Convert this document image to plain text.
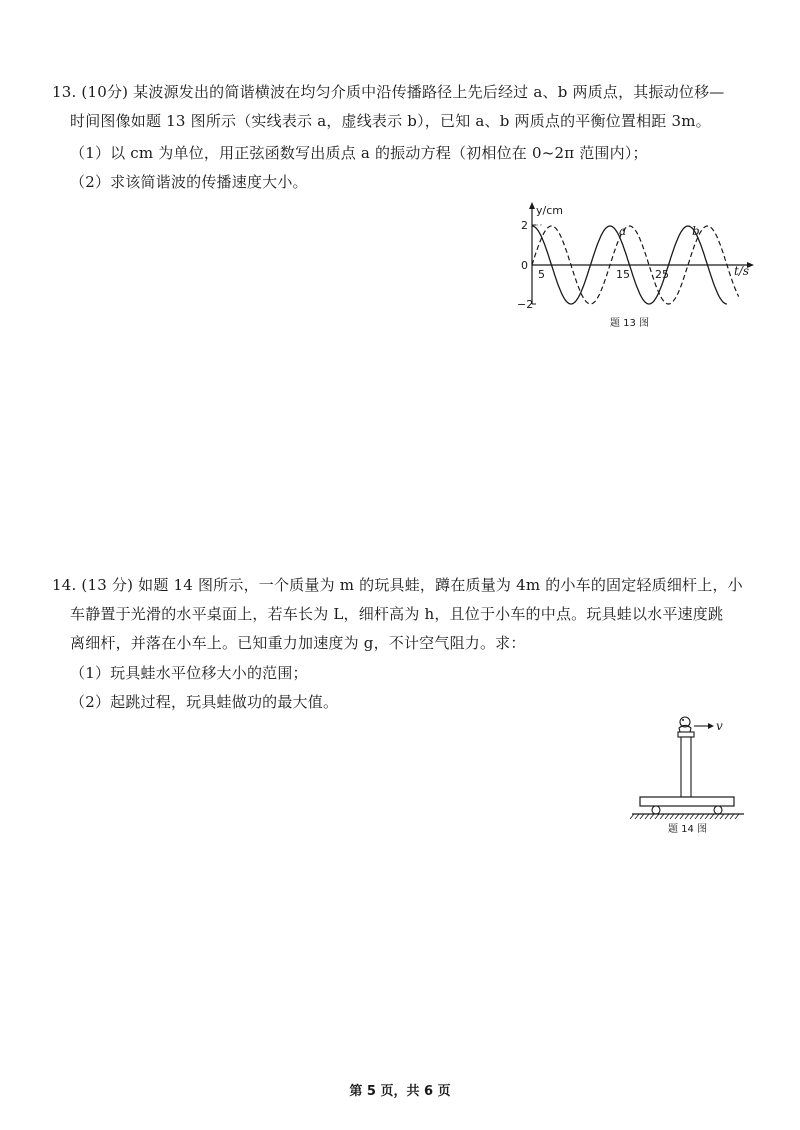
13. (10分) 某波源发出的简谐横波在均匀介质中沿传播路径上先后经过 a、b 两质点，其振动位移—
时间图像如题 13 图所示（实线表示 a，虚线表示 b），已知 a、b 两质点的平衡位置相距 3m。
（1）以 cm 为单位，用正弦函数写出质点 a 的振动方程（初相位在 0~2π 范围内）；
（2）求该简谐波的传播速度大小。
y/cm
2
0
−2
5	15 25	t/s
a	b
题 13 图
14. (13 分) 如题 14 图所示，一个质量为 m 的玩具蛙，蹲在质量为 4m 的小车的固定轻质细杆上，小
车静置于光滑的水平桌面上，若车长为 L，细杆高为 h，且位于小车的中点。玩具蛙以水平速度跳
离细杆，并落在小车上。已知重力加速度为 g，不计空气阻力。求：
（1）玩具蛙水平位移大小的范围；
（2）起跳过程，玩具蛙做功的最大值。
v
题 14 图
第 5 页，共 6 页
